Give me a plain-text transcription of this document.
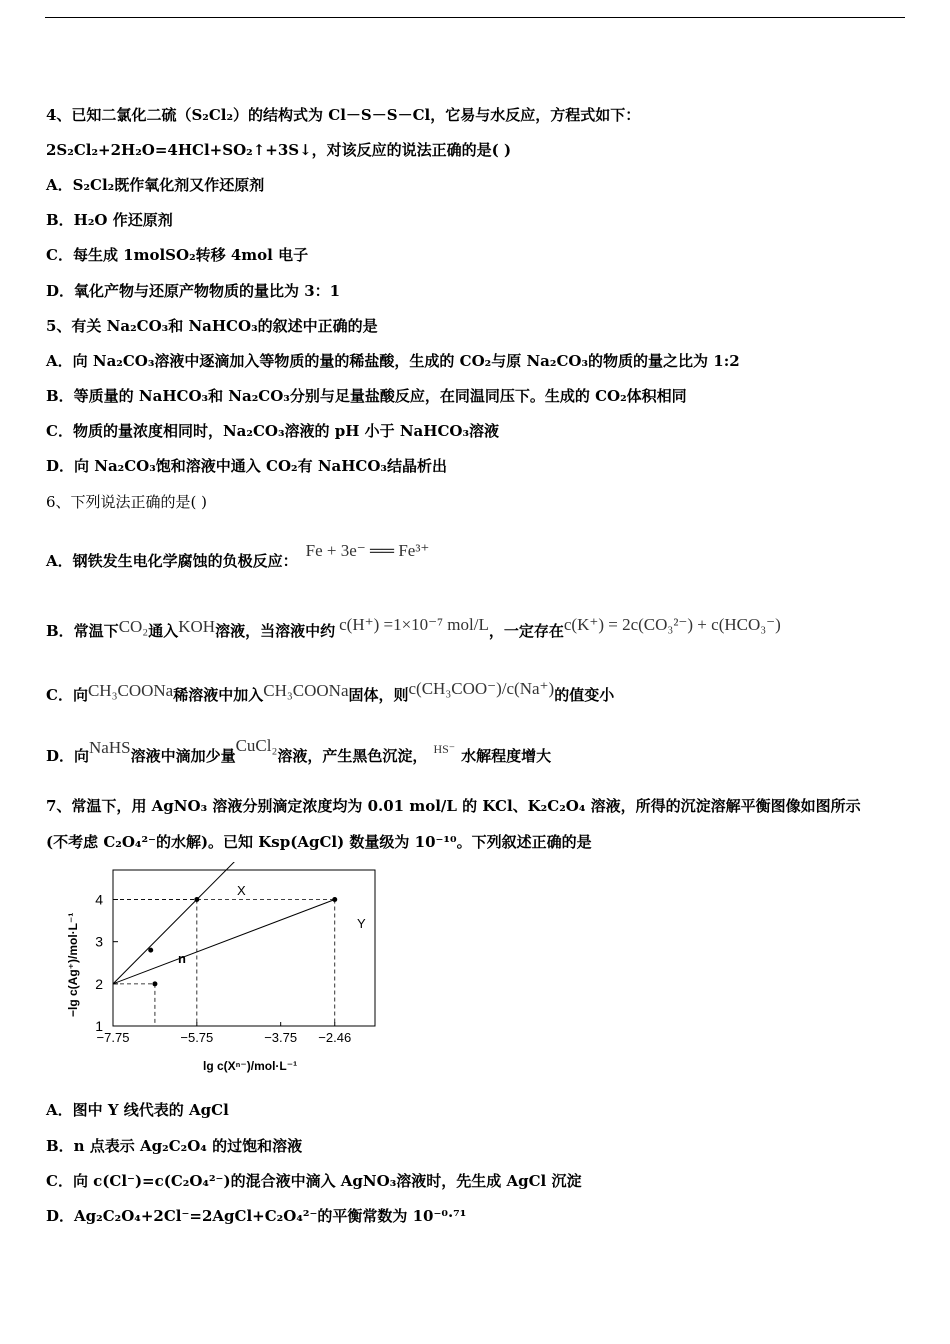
4、已知二氯化二硫（S₂Cl₂）的结构式为 Cl－S－S－Cl，它易与水反应，方程式如下：
2S₂Cl₂+2H₂O=4HCl+SO₂↑+3S↓，对该反应的说法正确的是( )
A．S₂Cl₂既作氧化剂又作还原剂
B．H₂O 作还原剂
C．每生成 1molSO₂转移 4mol 电子
D．氧化产物与还原产物物质的量比为 3：1
5、有关 Na₂CO₃和 NaHCO₃的叙述中正确的是
A．向 Na₂CO₃溶液中逐滴加入等物质的量的稀盐酸，生成的 CO₂与原 Na₂CO₃的物质的量之比为 1:2
B．等质量的 NaHCO₃和 Na₂CO₃分别与足量盐酸反应，在同温同压下。生成的 CO₂体积相同
C．物质的量浓度相同时，Na₂CO₃溶液的 pH 小于 NaHCO₃溶液
D．向 Na₂CO₃饱和溶液中通入 CO₂有 NaHCO₃结晶析出
6、下列说法正确的是( )
A．钢铁发生电化学腐蚀的负极反应：Fe + 3e⁻ ══ Fe³⁺
B．常温下CO₂通入KOH溶液，当溶液中约 c(H⁺) =1×10⁻⁷ mol/L，一定存在c(K⁺) = 2c(CO₃²⁻) + c(HCO₃⁻)
C．向CH₃COONa稀溶液中加入CH₃COONa固体，则c(CH₃COO⁻)/c(Na⁺)的值变小
D．向NaHS溶液中滴加少量CuCl₂溶液，产生黑色沉淀， $^{HS^-}$ 水解程度增大
7、常温下，用 AgNO₃ 溶液分别滴定浓度均为 0.01 mol/L 的 KCl、K₂C₂O₄ 溶液，所得的沉淀溶解平衡图像如图所示
(不考虑 C₂O₄²⁻的水解)。已知 Ksp(AgCl) 数量级为 10⁻¹⁰。下列叙述正确的是
1
2
3
4
−7.75	−5.75	−3.75 −2.46
X
Y
n
−lg c(Ag⁺)/mol·L⁻¹
lg c(Xⁿ⁻)/mol·L⁻¹
A．图中 Y 线代表的 AgCl
B．n 点表示 Ag₂C₂O₄ 的过饱和溶液
C．向 c(Cl⁻)=c(C₂O₄²⁻)的混合液中滴入 AgNO₃溶液时，先生成 AgCl 沉淀
D．Ag₂C₂O₄+2Cl⁻=2AgCl+C₂O₄²⁻的平衡常数为 10⁻⁰·⁷¹
